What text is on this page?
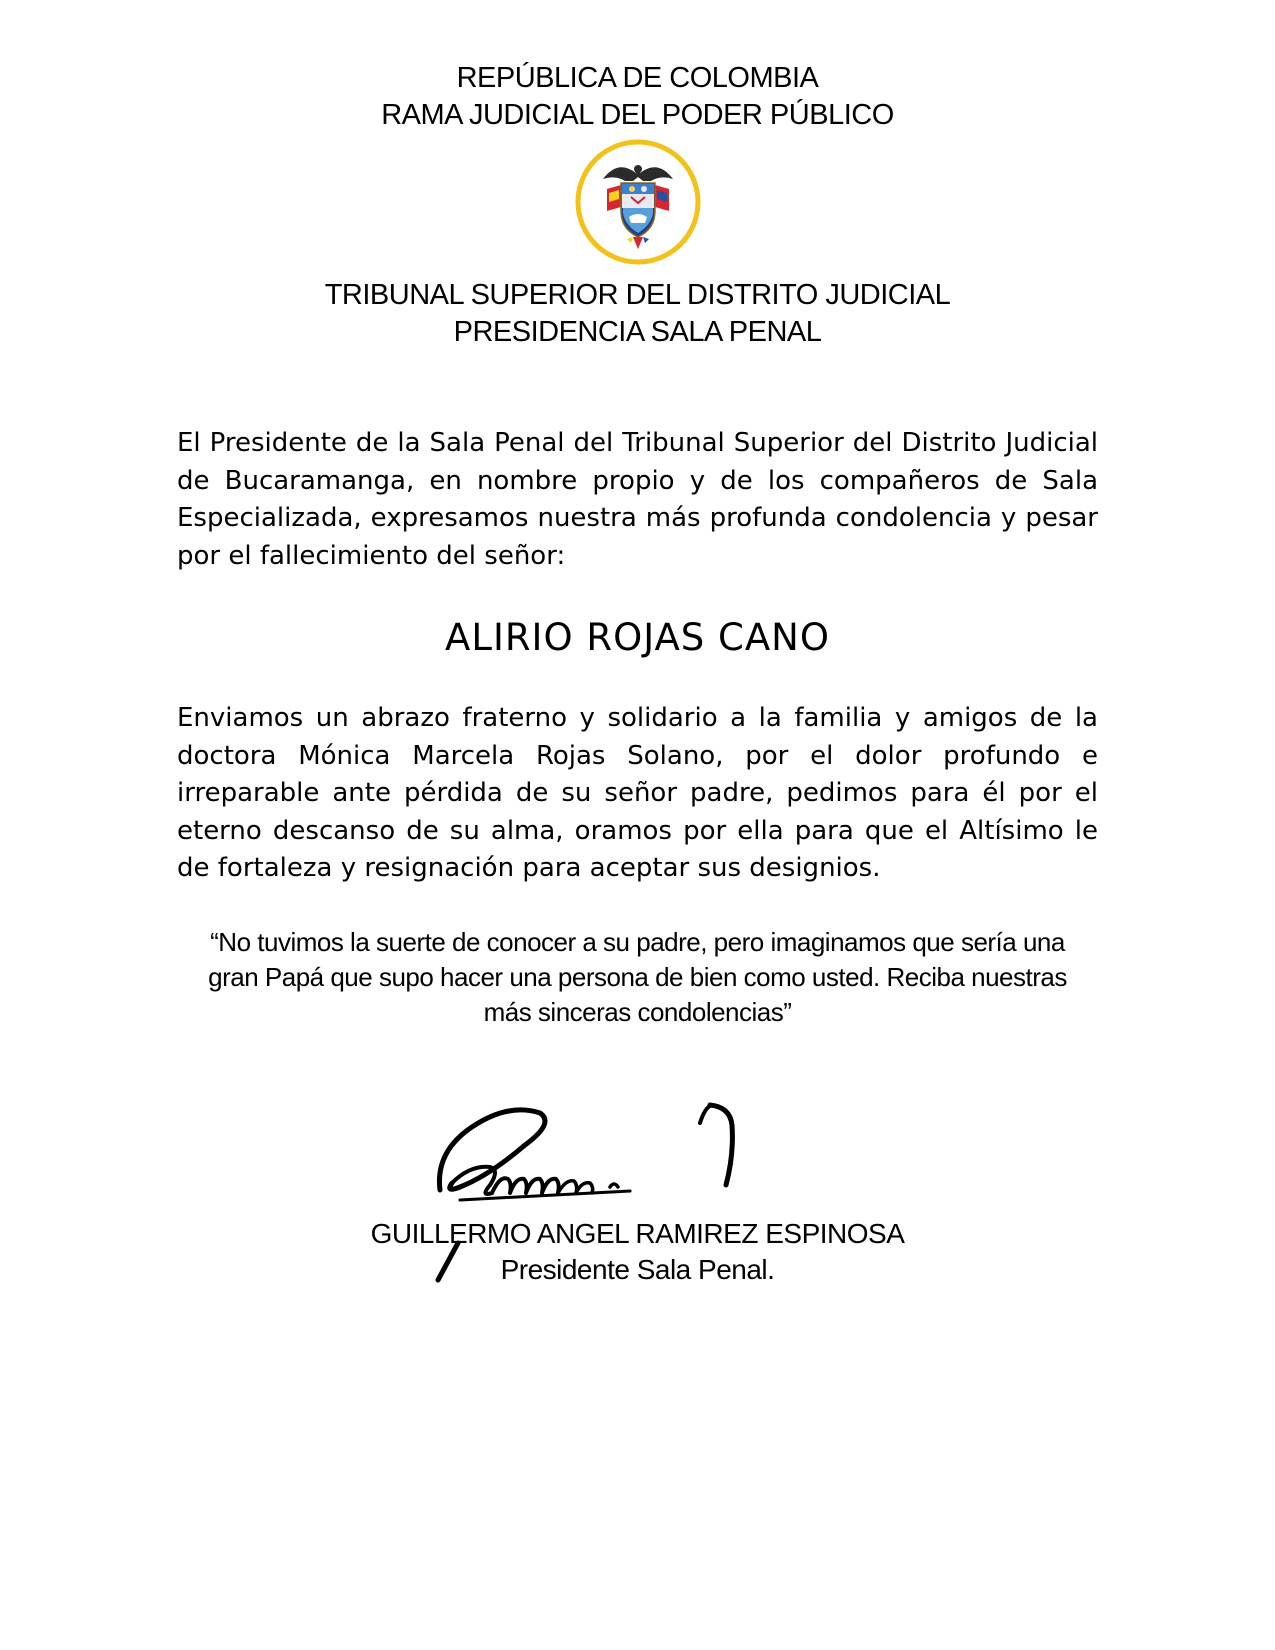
REPÚBLICA DE COLOMBIA
RAMA JUDICIAL DEL PODER PÚBLICO
TRIBUNAL SUPERIOR DEL DISTRITO JUDICIAL
PRESIDENCIA SALA PENAL
El Presidente de la Sala Penal del Tribunal Superior del Distrito Judicial de Bucaramanga, en nombre propio y de los compañeros de Sala Especializada, expresamos nuestra más profunda condolencia y pesar por el fallecimiento del señor:
ALIRIO ROJAS CANO
Enviamos un abrazo fraterno y solidario a la familia y amigos de la doctora Mónica Marcela Rojas Solano, por el dolor profundo e irreparable ante pérdida de su señor padre, pedimos para él por el eterno descanso de su alma, oramos por ella para que el Altísimo le de fortaleza y resignación para aceptar sus designios.
“No tuvimos la suerte de conocer a su padre, pero imaginamos que sería una gran Papá que supo hacer una persona de bien como usted. Reciba nuestras más sinceras condolencias”
GUILLERMO ANGEL RAMIREZ ESPINOSA
Presidente Sala Penal.
